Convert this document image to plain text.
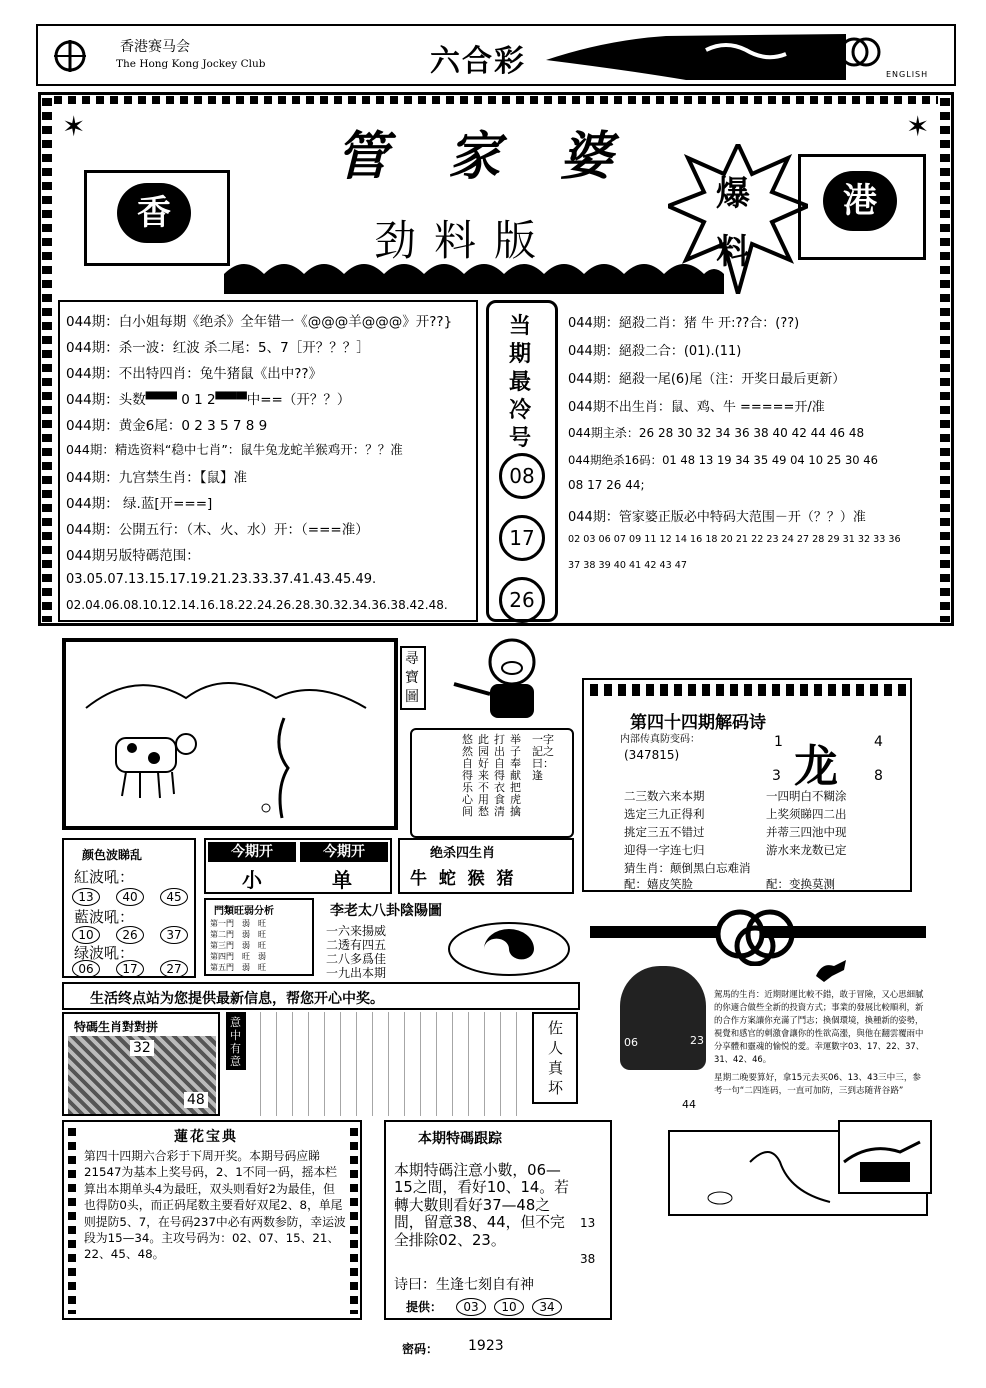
香港赛马会
The Hong Kong Jockey Club	六合彩	ENGLISH
✶	✶
管家婆
香
劲料版
爆
料
港
044期：白小姐每期《绝杀》全年错一《@@@羊@@@》开??}
044期：杀一波：红波 杀二尾：5、7［开？？？］
044期：不出特四肖：兔牛猪鼠《出中??》
044期：头数▀▀▀ 0 1 2▀▀▀中==（开？？）
044期：黄金6尾：0 2 3 5 7 8 9
044期：精选资料“稳中七肖”：鼠牛兔龙蛇羊猴鸡开：？？准
044期：九宫禁生肖：【鼠】准
044期： 绿.蓝[开===]
044期：公開五行：（木、火、水）开：（===准）
044期另版特碼范围：
03.05.07.13.15.17.19.21.23.33.37.41.43.45.49.
02.04.06.08.10.12.14.16.18.22.24.26.28.30.32.34.36.38.42.48.
当
期
最
冷
号
08
17
26
044期：絕殺二肖：猪 牛 开:??合：(??)
044期：絕殺二合：(01).(11)
044期：絕殺一尾(6)尾（注：开奖日最后更新）
044期不出生肖：鼠、鸡、牛 =====开/准
044期主杀：26 28 30 32 34 36 38 40 42 44 46 48
044期绝杀16码：01 48 13 19 34 35 49 04 10 25 30 46
08 17 26 44;
044期：管家婆正版必中特码大范围－开（？？）准
02 03 06 07 09 11 12 14 16 18 20 21 22 23 24 27 28 29 31 32 33 36
37 38 39 40 41 42 43 47
尋寶圖
举子奉献把虎擒
打出自得衣食清
此园好来不用愁
悠然自得乐心间
一字記之曰：逢
第四十四期解码诗
内部传真防变码：
(347815)
1	4
3	8
龙
二三数六来本期	一四明白不糊涂
选定三九正得利	上奖须睇四二出
挑定三五不错过	并蒂三四池中现
迎得一字连七归	游水来龙数已定
猜生肖：颠倒黑白忘难消
配：嬉皮笑脸	配：变换莫测
颜色波睇乱
紅波吼：
13	40	45
藍波吼：
10	26	37
绿波吼：
06	17	27
今期开	今期开
小	单
绝杀四生肖
牛  蛇  猴  猪
門類旺弱分析
第一門　 弱　 旺
第二門　 弱　 旺
第三門　 弱　 旺
第四門　 旺　 弱
第五門　 弱　 旺
李老太八卦陰陽圖
一六来揚威
二透有四五
二八多爲佳
一九出本期
生活终点站为您提供最新信息，帮您开心中奖。
特碼生肖對對拼
32
48
意中有意
佐人真坏
駕馬的生肖：近期財運比較不錯，敢于冒險，又心思細膩的你適合做些全新的投資方式；事業的發展比較順利，新的合作方案讓你充滿了鬥志；換個環境，換種新的姿勢，視覺和感官的刺激會讓你的性欲高漲，與他在翻雲覆雨中分享體和靈魂的愉悦的愛。幸運數字03、17、22、37、31、42、46。
06	23
44
星期二晚要算好，拿15元去买06、13、43三中三，参考一句“二四连码，一直可加防，三到志随背谷路”
蓮花宝典
第四十四期六合彩于下周开奖。本期号码应睇21547为基本上奖号码，2、1不同一码，摇本栏算出本期单头4为最旺，双头则看好2为最佳，但也得防0头，而正码尾数主要看好双尾2、8，单尾则提防5、7，在号码237中必有两数参防，幸运波段为15—34。主攻号码为：02、07、15、21、22、45、48。
本期特碼跟踪
本期特碼注意小數，06—15之間，看好10、14。若轉大數則看好37—48之間，留意38、44，但不完全排除02、23。
13
38
诗曰：生逢七刻自有神
提供：	03	10	34
密码： 1923
